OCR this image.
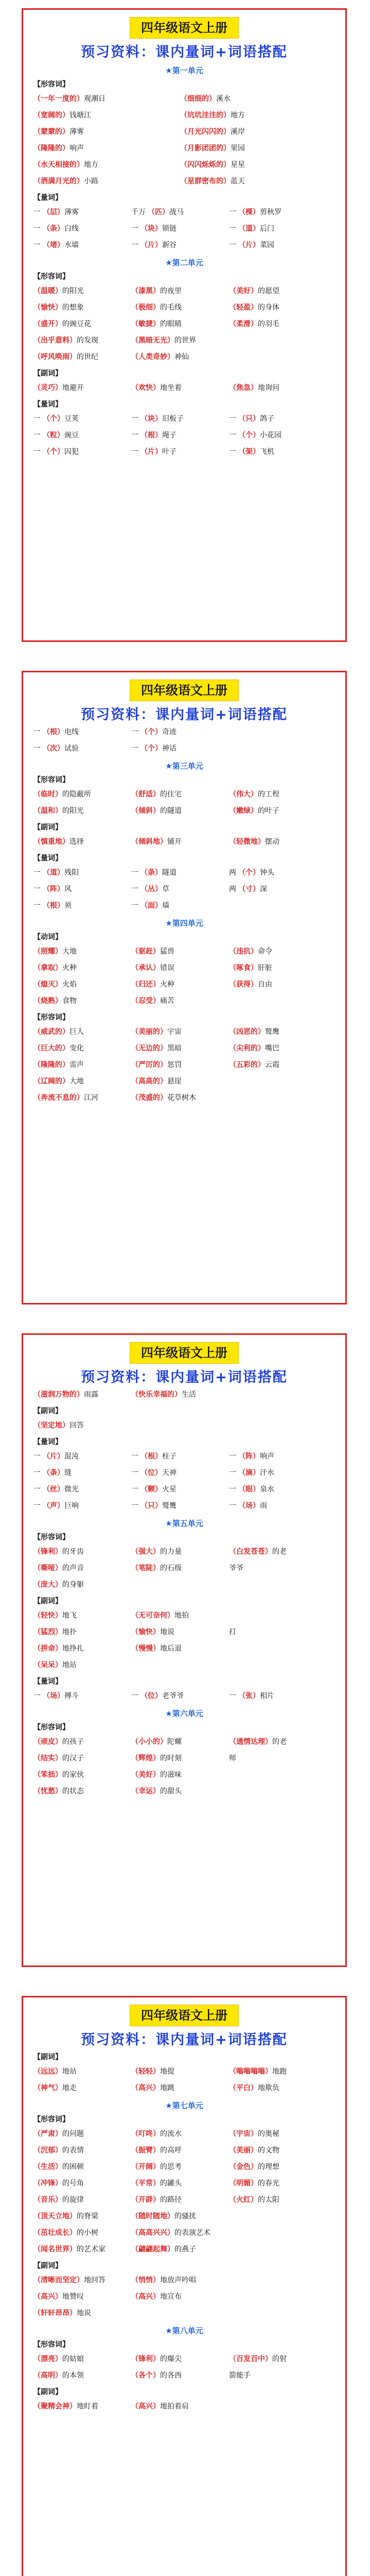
四年级语文上册
预习资料：课内量词+词语搭配
★第一单元
【形容词】
（一年一度的） 观潮日	（细细的） 溪水
（宽阔的） 钱塘江	（坑坑洼洼的） 地方
（蒙蒙的） 薄雾	（月光闪闪的） 溪岸
（隆隆的） 响声	（月影团团的） 果园
（水天相接的） 地方	（闪闪烁烁的） 星星
（洒满月光的） 小路	（星群密布的） 蓝天
【量词】
一 （层） 薄雾	千万 （匹） 战马	一 （棵） 剪秋罗
一 （条） 白线	一 （块） 锁链	一 （道） 后门
一 （堵） 水墙	一 （片） 新谷	一 （片） 菜园
★第二单元
【形容词】
（温暖） 的阳光	（漆黑） 的夜里	（美好） 的愿望
（愉快） 的想象	（极细） 的毛线	（轻盈） 的身体
（盛开） 的豌豆花	（敏捷） 的眼睛	（柔滑） 的羽毛
（出乎意料） 的发现	（黑暗无光） 的世界
（呼风唤雨） 的世纪	（人类奇妙） 神仙
【副词】
（灵巧） 地避开	（欢快） 地坐着	（焦急） 地询问
【量词】
一 （个） 豆荚	一 （块） 旧板子	一 （只） 鸽子
一 （粒） 豌豆	一 （根） 绳子	一 （个） 小花园
一 （个） 囚犯	一 （片） 叶子	一 （架） 飞机
四年级语文上册
预习资料：课内量词+词语搭配
一 （根） 电线	一 （个） 奇迹
一 （次） 试验	一 （个） 神话
★第三单元
【形容词】
（临时） 的隐蔽所	（舒适） 的住宅	（伟大） 的工程
（温和） 的阳光	（倾斜） 的隧道	（嫩绿） 的叶子
【副词】
（慎重地） 选择	（倾斜地） 铺开	（轻微地） 摆动
【量词】
一 （道） 残阳	一 （条） 隧道	两 （个） 钟头
一 （阵） 风	一 （丛） 草	两 （寸） 深
一 （根） 须	一 （面） 墙
★第四单元
【动词】
（照耀） 大地	（驱赶） 猛兽	（违抗） 命令
（拿取） 火种	（承认） 错误	（啄食） 肝脏
（熄灭） 火焰	（归还） 火种	（获得） 自由
（烧熟） 食物	（忍受） 痛苦
【形容词】
（威武的） 巨人	（美丽的） 宇宙	（凶恶的） 鹫鹰
（巨大的） 变化	（无边的） 黑暗	（尖利的） 嘴巴
（隆隆的） 雷声	（严厉的） 惩罚	（五彩的） 云霞
（辽阔的） 大地	（高高的） 悬崖
（奔流不息的） 江河	（茂盛的） 花草树木
四年级语文上册
预习资料：课内量词+词语搭配
（滋润万物的） 雨露	（快乐幸福的） 生活
【副词】
（坚定地） 回答
【量词】
一 （片） 混沌	一 （根） 柱子	一 （阵） 响声
一 （条） 缝	一 （位） 天神	一 （滴） 汗水
一 （丝） 微光	一 （颗） 火星	一 （眼） 泉水
一 （声） 巨响	一 （只） 鹫鹰	一 （场） 雨
★第五单元
【形容词】
（锋利） 的牙齿	（强大） 的力量	（白发苍苍） 的老
（嘶哑） 的声音	（笔陡） 的石级	爷爷
（庞大） 的身躯
【副词】
（轻快） 地飞	（无可奈何） 地拍
（猛烈） 地扑	（愉快） 地说	打
（拼命） 地挣扎	（慢慢） 地后退
（呆呆） 地站
【量词】
一 （场） 搏斗	一 （位） 老爷爷	一 （张） 相片
★第六单元
【形容词】
（顽皮） 的孩子	（小小的） 陀螺	（通情达理） 的老
（结实） 的汉子	（辉煌） 的时刻	师
（笨拙） 的家伙	（美好） 的滋味
（忧愁） 的状态	（幸运） 的甜头
四年级语文上册
预习资料：课内量词+词语搭配
【副词】
（远远） 地站	（轻轻） 地提	（嗡嗡嗡嗡） 地跑
（神气） 地走	（高兴） 地跳	（平白） 地欺负
★第七单元
【形容词】
（严肃） 的问题	（叮咚） 的流水	（宇宙） 的奥秘
（沉郁） 的表情	（振臂） 的高呼	（美丽） 的文物
（生活） 的困顿	（开阔） 的思考	（金色） 的理想
（冲锋） 的号角	（平常） 的罐头	（明媚） 的春光
（音乐） 的旋律	（开辟） 的路径	（火红） 的太阳
（顶天立地） 的脊梁	（随时随地） 的骚扰
（茁壮成长） 的小树	（高高兴兴） 的表演艺术
（闻名世界） 的艺术家	（翩翩起舞） 的燕子
【副词】
（清晰而坚定） 地回答	（悄悄） 地放声吟唱
（高兴） 地赞叹	（高兴） 地宣布
（轩轩昂昂） 地说
★第八单元
【形容词】
（漂亮） 的姑娘	（锋利） 的爆尖	（百发百中） 的射
（高明） 的本领	（各个） 的各西	箭能手
【副词】
（聚精会神） 地盯着	（高兴） 地拍着肩
